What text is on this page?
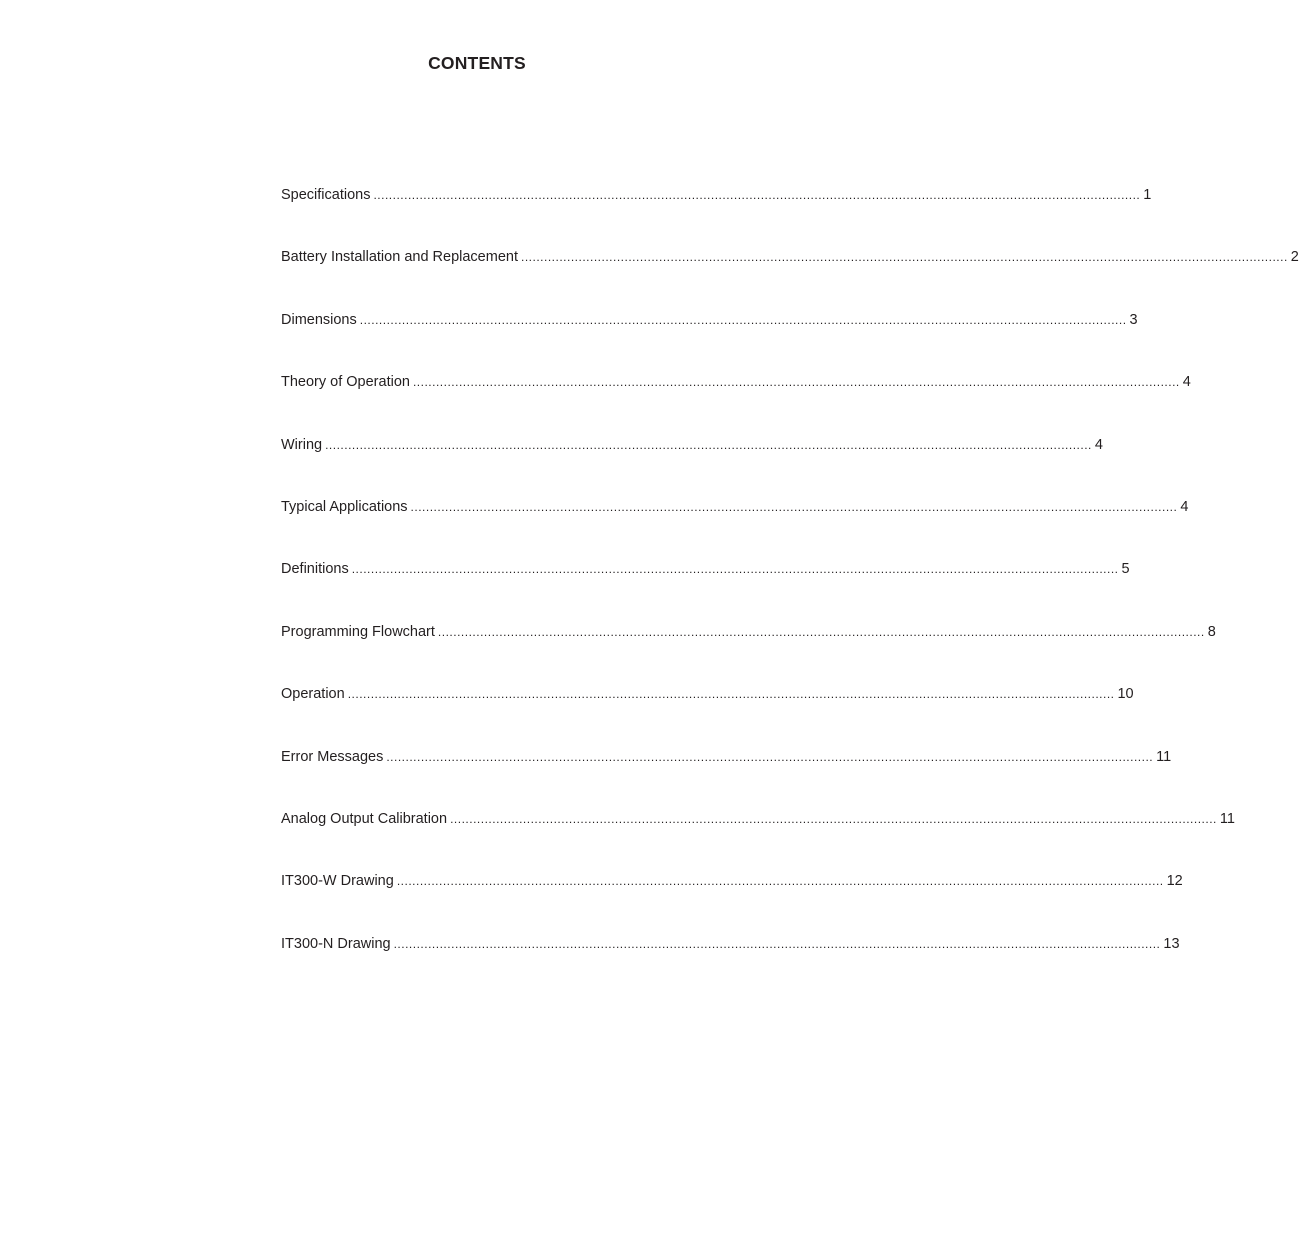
CONTENTS
Specifications ........................................................................................................................................................................................................ 1
Battery Installation and Replacement ........................................................................................................................................................................................................ 2
Dimensions ........................................................................................................................................................................................................ 3
Theory of Operation ........................................................................................................................................................................................................ 4
Wiring ........................................................................................................................................................................................................ 4
Typical Applications ........................................................................................................................................................................................................ 4
Definitions ........................................................................................................................................................................................................ 5
Programming Flowchart ........................................................................................................................................................................................................ 8
Operation ........................................................................................................................................................................................................ 10
Error Messages ........................................................................................................................................................................................................ 11
Analog Output Calibration ........................................................................................................................................................................................................ 11
IT300-W Drawing ........................................................................................................................................................................................................ 12
IT300-N Drawing ........................................................................................................................................................................................................ 13
